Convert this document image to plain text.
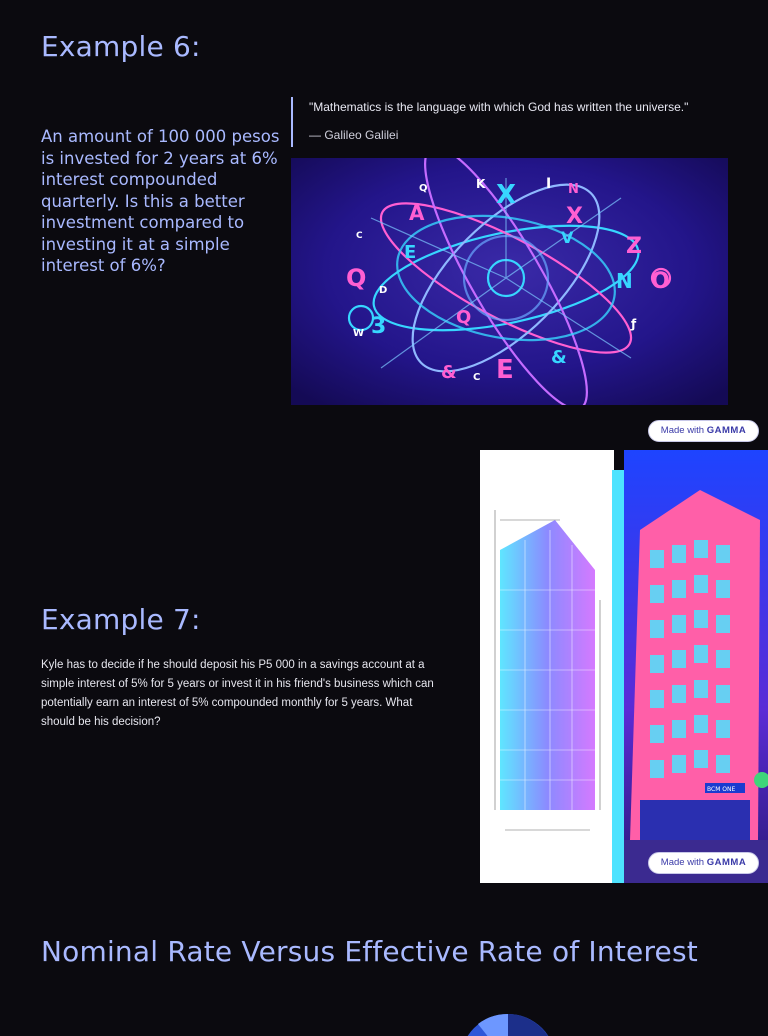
Example 6:
An amount of 100 000 pesos is invested for 2 years at 6% interest compounded quarterly. Is this a better investment compared to investing it at a simple interest of 6%?
"Mathematics is the language with which God has written the universe."
— Galileo Galilei
X
X
A
Q
3
Z
N O
E
&
&
E
V
Q
K
Q	I N
C
D
W
C
ƒ
Made with GAMMA
BCM ONE
Made with GAMMA
Example 7:
Kyle has to decide if he should deposit his P5 000 in a savings account at a simple interest of 5% for 5 years or invest it in his friend's business which can potentially earn an interest of 5% compounded monthly for 5 years. What should be his decision?
Nominal Rate Versus Effective Rate of Interest
